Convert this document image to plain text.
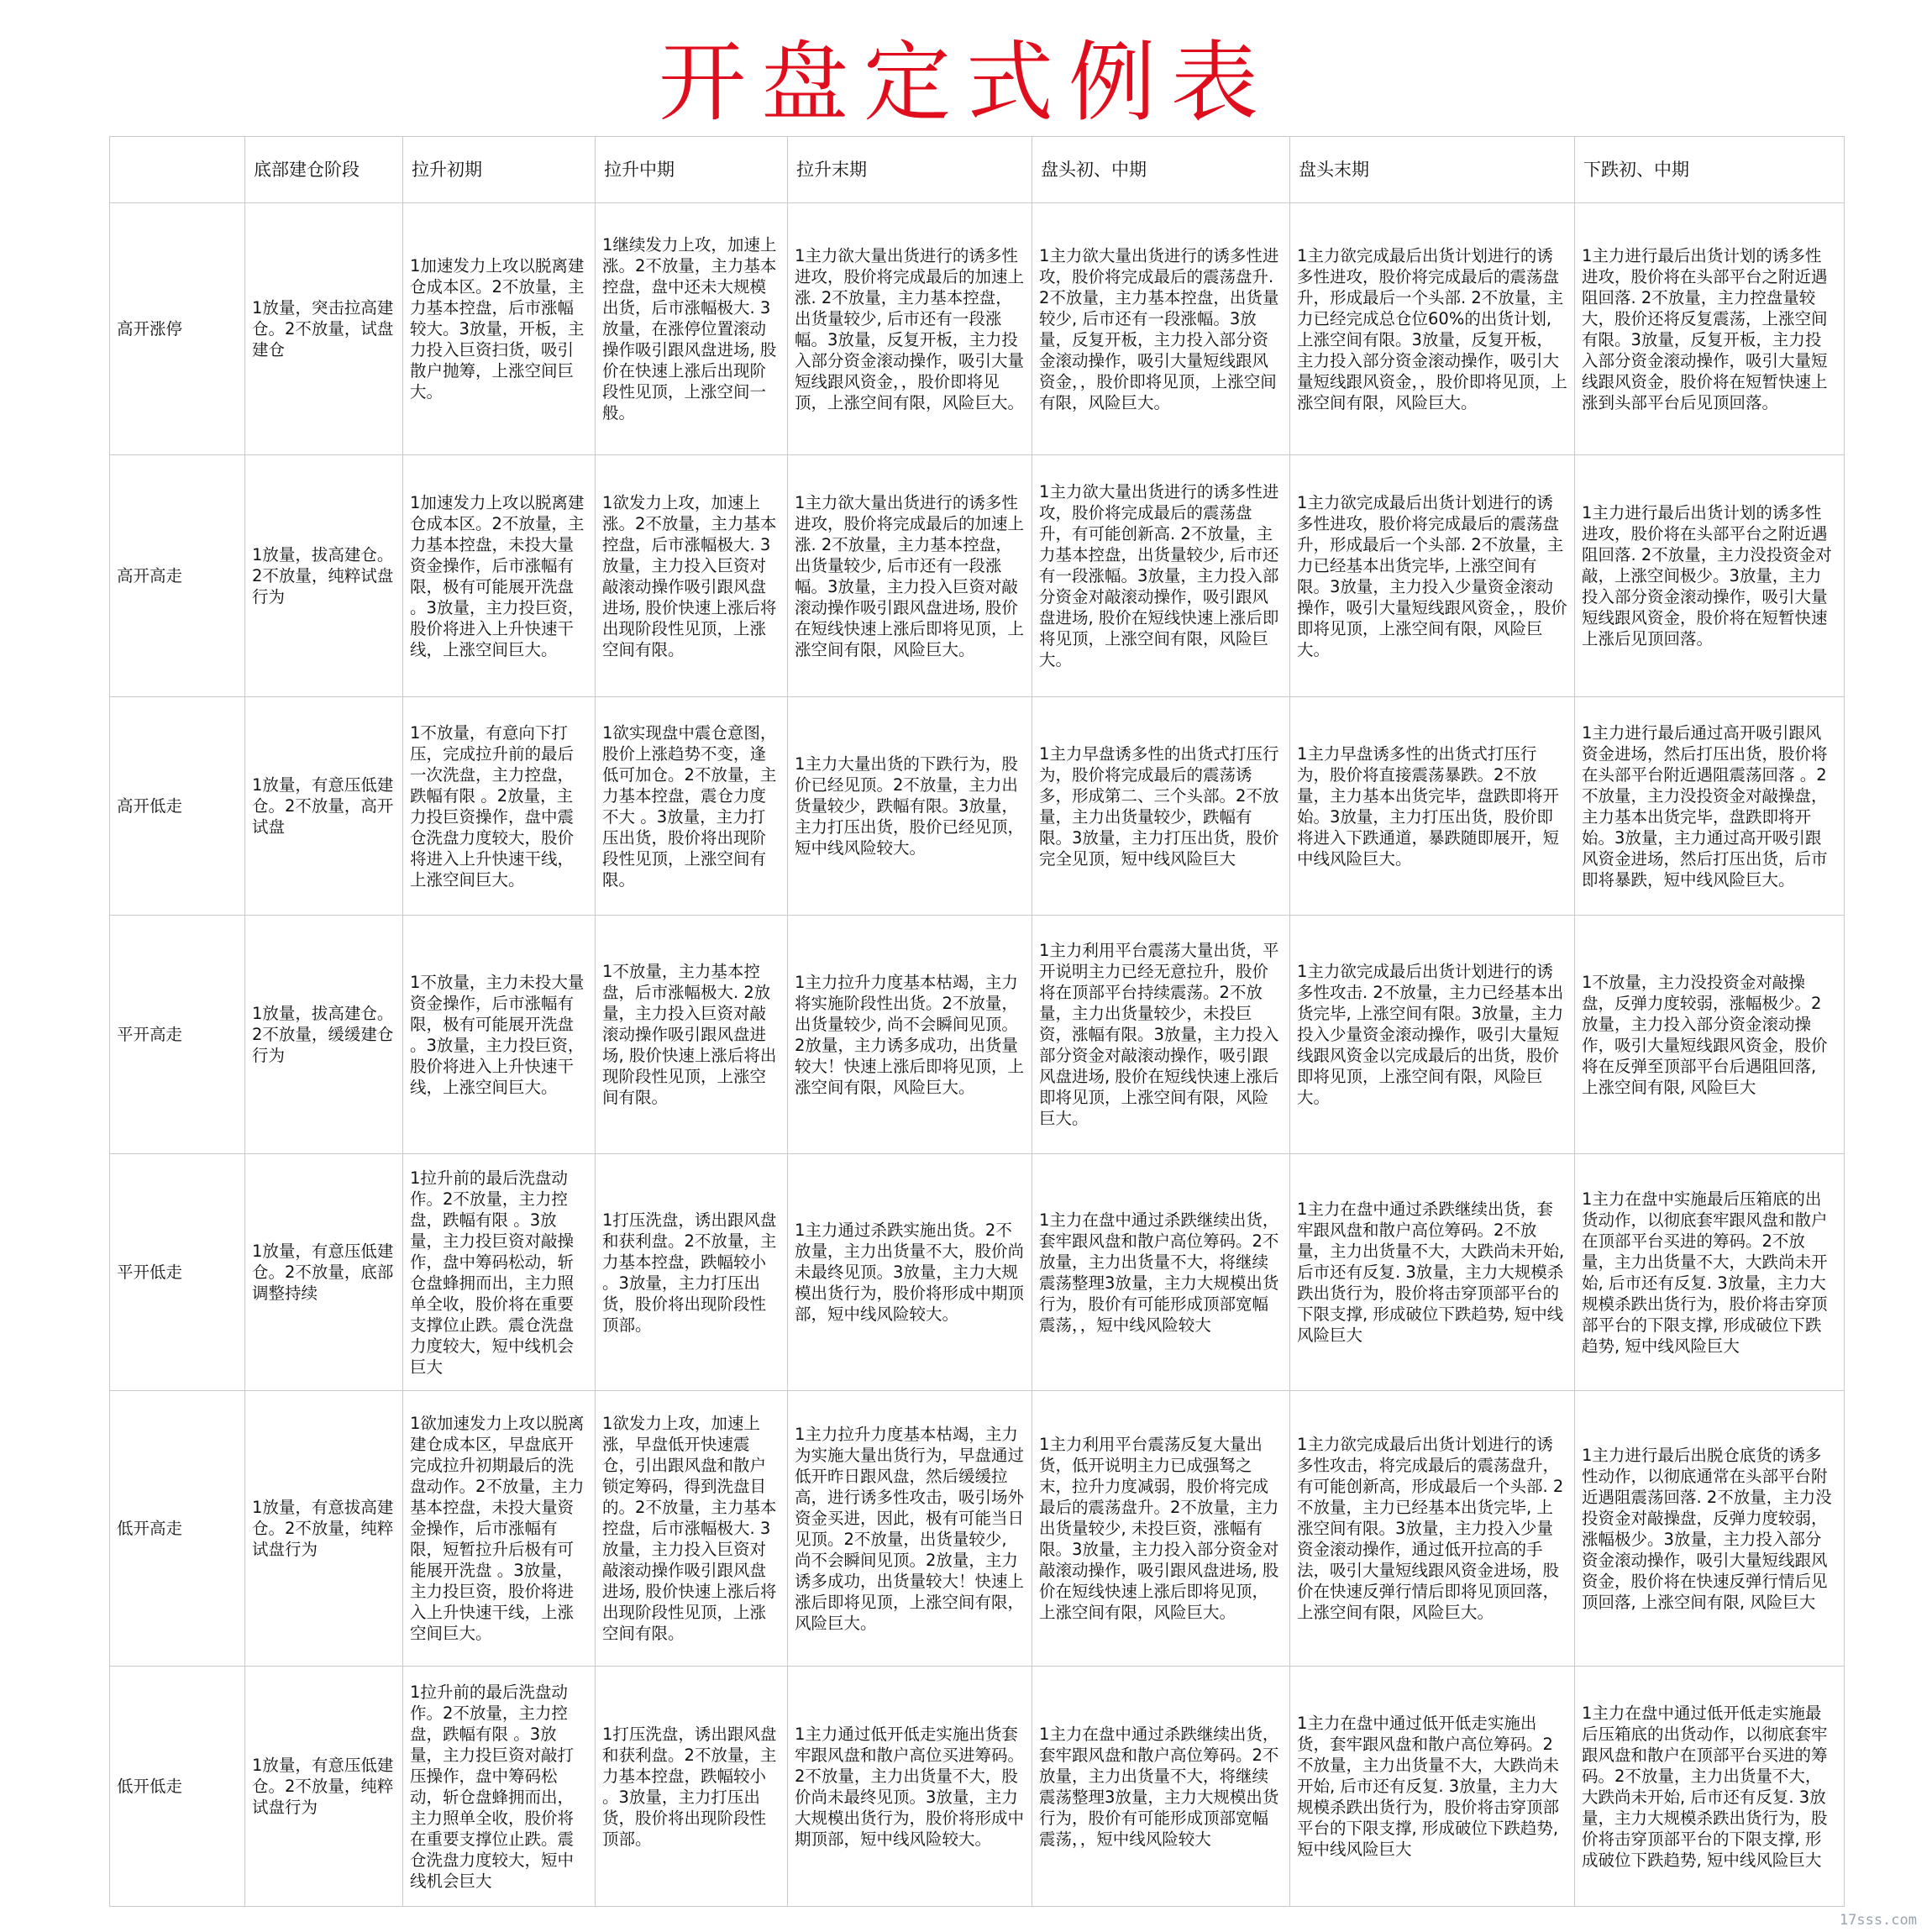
开盘定式例表
	底部建仓阶段	拉升初期	拉升中期	拉升末期	盘头初、中期	盘头末期	下跌初、中期
高开涨停	1放量，突击拉高建仓。2不放量，试盘建仓	1加速发力上攻以脱离建仓成本区。2不放量，主力基本控盘，后市涨幅较大。3放量，开板，主力投入巨资扫货，吸引散户抛筹，上涨空间巨大。	1继续发力上攻，加速上涨。2不放量，主力基本控盘，盘中还未大规模出货，后市涨幅极大. 3放量，在涨停位置滚动操作吸引跟风盘进场, 股价在快速上涨后出现阶段性见顶，上涨空间一般。	1主力欲大量出货进行的诱多性进攻，股价将完成最后的加速上涨. 2不放量，主力基本控盘，出货量较少, 后市还有一段涨幅。3放量，反复开板，主力投入部分资金滚动操作，吸引大量短线跟风资金，，股价即将见顶，上涨空间有限，风险巨大。	1主力欲大量出货进行的诱多性进攻，股价将完成最后的震荡盘升. 2不放量，主力基本控盘，出货量较少, 后市还有一段涨幅。3放量，反复开板，主力投入部分资金滚动操作，吸引大量短线跟风资金，，股价即将见顶，上涨空间有限，风险巨大。	1主力欲完成最后出货计划进行的诱多性进攻，股价将完成最后的震荡盘升，形成最后一个头部. 2不放量，主力已经完成总仓位60%的出货计划, 上涨空间有限。3放量，反复开板，主力投入部分资金滚动操作，吸引大量短线跟风资金，，股价即将见顶，上涨空间有限，风险巨大。	1主力进行最后出货计划的诱多性进攻，股价将在头部平台之附近遇阻回落. 2不放量，主力控盘量较大，股价还将反复震荡，上涨空间有限。3放量，反复开板，主力投入部分资金滚动操作，吸引大量短线跟风资金，股价将在短暂快速上涨到头部平台后见顶回落。
高开高走	1放量，拔高建仓。2不放量，纯粹试盘行为	1加速发力上攻以脱离建仓成本区。2不放量，主力基本控盘，未投大量资金操作，后市涨幅有限，极有可能展开洗盘 。3放量，主力投巨资，股价将进入上升快速干线，上涨空间巨大。	1欲发力上攻，加速上涨。2不放量，主力基本控盘，后市涨幅极大. 3放量，主力投入巨资对敲滚动操作吸引跟风盘进场, 股价快速上涨后将出现阶段性见顶，上涨空间有限。	1主力欲大量出货进行的诱多性进攻，股价将完成最后的加速上涨. 2不放量，主力基本控盘，出货量较少, 后市还有一段涨幅。3放量，主力投入巨资对敲滚动操作吸引跟风盘进场, 股价在短线快速上涨后即将见顶，上涨空间有限，风险巨大。	1主力欲大量出货进行的诱多性进攻，股价将完成最后的震荡盘升，有可能创新高. 2不放量，主力基本控盘，出货量较少, 后市还有一段涨幅。3放量，主力投入部分资金对敲滚动操作，吸引跟风盘进场, 股价在短线快速上涨后即将见顶，上涨空间有限，风险巨大。	1主力欲完成最后出货计划进行的诱多性进攻，股价将完成最后的震荡盘升，形成最后一个头部. 2不放量，主力已经基本出货完毕, 上涨空间有限。3放量，主力投入少量资金滚动操作，吸引大量短线跟风资金，，股价即将见顶，上涨空间有限，风险巨大。	1主力进行最后出货计划的诱多性进攻，股价将在头部平台之附近遇阻回落. 2不放量，主力没投资金对敲，上涨空间极少。3放量，主力投入部分资金滚动操作，吸引大量短线跟风资金，股价将在短暂快速上涨后见顶回落。
高开低走	1放量，有意压低建仓。2不放量，高开试盘	1不放量，有意向下打压，完成拉升前的最后一次洗盘，主力控盘，跌幅有限 。2放量，主力投巨资操作，盘中震仓洗盘力度较大，股价将进入上升快速干线，上涨空间巨大。	1欲实现盘中震仓意图，股价上涨趋势不变，逢低可加仓。2不放量，主力基本控盘，震仓力度不大 。3放量，主力打压出货，股价将出现阶段性见顶，上涨空间有限。	1主力大量出货的下跌行为，股价已经见顶。2不放量，主力出货量较少，跌幅有限。3放量，主力打压出货，股价已经见顶，短中线风险较大。	1主力早盘诱多性的出货式打压行为，股价将完成最后的震荡诱多，形成第二、三个头部。2不放量，主力出货量较少，跌幅有限。3放量，主力打压出货，股价完全见顶，短中线风险巨大	1主力早盘诱多性的出货式打压行为，股价将直接震荡暴跌。2不放量，主力基本出货完毕，盘跌即将开始。3放量，主力打压出货，股价即将进入下跌通道，暴跌随即展开，短中线风险巨大。	1主力进行最后通过高开吸引跟风资金进场，然后打压出货，股价将在头部平台附近遇阻震荡回落 。2不放量，主力没投资金对敲操盘，主力基本出货完毕，盘跌即将开始。3放量，主力通过高开吸引跟风资金进场，然后打压出货，后市即将暴跌，短中线风险巨大。
平开高走	1放量，拔高建仓。2不放量，缓缓建仓行为	1不放量，主力未投大量资金操作，后市涨幅有限，极有可能展开洗盘 。3放量，主力投巨资，股价将进入上升快速干线，上涨空间巨大。	1不放量，主力基本控盘，后市涨幅极大. 2放量，主力投入巨资对敲滚动操作吸引跟风盘进场, 股价快速上涨后将出现阶段性见顶，上涨空间有限。	1主力拉升力度基本枯竭，主力将实施阶段性出货。2不放量，出货量较少, 尚不会瞬间见顶。2放量，主力诱多成功，出货量较大！快速上涨后即将见顶，上涨空间有限，风险巨大。	1主力利用平台震荡大量出货，平开说明主力已经无意拉升，股价将在顶部平台持续震荡。2不放量，主力出货量较少，未投巨资，涨幅有限。3放量，主力投入部分资金对敲滚动操作，吸引跟风盘进场, 股价在短线快速上涨后即将见顶，上涨空间有限，风险巨大。	1主力欲完成最后出货计划进行的诱多性攻击. 2不放量，主力已经基本出货完毕, 上涨空间有限。3放量，主力投入少量资金滚动操作，吸引大量短线跟风资金以完成最后的出货，股价即将见顶，上涨空间有限，风险巨大。	1不放量，主力没投资金对敲操盘，反弹力度较弱，涨幅极少。2放量，主力投入部分资金滚动操作，吸引大量短线跟风资金，股价将在反弹至顶部平台后遇阻回落, 上涨空间有限, 风险巨大
平开低走	1放量，有意压低建仓。2不放量，底部调整持续	1拉升前的最后洗盘动作。2不放量，主力控盘，跌幅有限 。3放量，主力投巨资对敲操作，盘中筹码松动，斩仓盘蜂拥而出，主力照单全收，股价将在重要支撑位止跌。震仓洗盘力度较大，短中线机会巨大	1打压洗盘，诱出跟风盘和获利盘。2不放量，主力基本控盘，跌幅较小 。3放量，主力打压出货，股价将出现阶段性顶部。	1主力通过杀跌实施出货。2不放量，主力出货量不大，股价尚未最终见顶。3放量，主力大规模出货行为，股价将形成中期顶部，短中线风险较大。	1主力在盘中通过杀跌继续出货，套牢跟风盘和散户高位筹码。2不放量，主力出货量不大，将继续震荡整理3放量，主力大规模出货行为，股价有可能形成顶部宽幅震荡，，短中线风险较大	1主力在盘中通过杀跌继续出货，套牢跟风盘和散户高位筹码。2不放量，主力出货量不大，大跌尚未开始, 后市还有反复. 3放量，主力大规模杀跌出货行为，股价将击穿顶部平台的下限支撑, 形成破位下跌趋势, 短中线风险巨大	1主力在盘中实施最后压箱底的出货动作，以彻底套牢跟风盘和散户在顶部平台买进的筹码。2不放量，主力出货量不大，大跌尚未开始, 后市还有反复. 3放量，主力大规模杀跌出货行为，股价将击穿顶部平台的下限支撑, 形成破位下跌趋势, 短中线风险巨大
低开高走	1放量，有意拔高建仓。2不放量，纯粹试盘行为	1欲加速发力上攻以脱离建仓成本区，早盘底开完成拉升初期最后的洗盘动作。2不放量，主力基本控盘，未投大量资金操作，后市涨幅有限，短暂拉升后极有可能展开洗盘 。3放量，主力投巨资，股价将进入上升快速干线，上涨空间巨大。	1欲发力上攻，加速上涨，早盘低开快速震仓，引出跟风盘和散户锁定筹码，得到洗盘目的。2不放量，主力基本控盘，后市涨幅极大. 3放量，主力投入巨资对敲滚动操作吸引跟风盘进场, 股价快速上涨后将出现阶段性见顶，上涨空间有限。	1主力拉升力度基本枯竭，主力为实施大量出货行为，早盘通过低开昨日跟风盘，然后缓缓拉高，进行诱多性攻击，吸引场外资金买进，因此，极有可能当日见顶。2不放量，出货量较少, 尚不会瞬间见顶。2放量，主力诱多成功，出货量较大！快速上涨后即将见顶，上涨空间有限，风险巨大。	1主力利用平台震荡反复大量出货，低开说明主力已成强驽之末，拉升力度减弱，股价将完成最后的震荡盘升。2不放量，主力出货量较少, 未投巨资，涨幅有限。3放量，主力投入部分资金对敲滚动操作，吸引跟风盘进场, 股价在短线快速上涨后即将见顶，上涨空间有限，风险巨大。	1主力欲完成最后出货计划进行的诱多性攻击，将完成最后的震荡盘升，有可能创新高，形成最后一个头部. 2不放量，主力已经基本出货完毕, 上涨空间有限。3放量，主力投入少量资金滚动操作，通过低开拉高的手法，吸引大量短线跟风资金进场，股价在快速反弹行情后即将见顶回落，上涨空间有限，风险巨大。	1主力进行最后出脱仓底货的诱多性动作，以彻底通常在头部平台附近遇阻震荡回落. 2不放量，主力没投资金对敲操盘，反弹力度较弱，涨幅极少。3放量，主力投入部分资金滚动操作，吸引大量短线跟风资金，股价将在快速反弹行情后见顶回落, 上涨空间有限, 风险巨大
低开低走	1放量，有意压低建仓。2不放量，纯粹试盘行为	1拉升前的最后洗盘动作。2不放量，主力控盘，跌幅有限 。3放量，主力投巨资对敲打压操作，盘中筹码松动，斩仓盘蜂拥而出，主力照单全收，股价将在重要支撑位止跌。震仓洗盘力度较大，短中线机会巨大	1打压洗盘，诱出跟风盘和获利盘。2不放量，主力基本控盘，跌幅较小 。3放量，主力打压出货，股价将出现阶段性顶部。	1主力通过低开低走实施出货套牢跟风盘和散户高位买进筹码。2不放量，主力出货量不大，股价尚未最终见顶。3放量，主力大规模出货行为，股价将形成中期顶部，短中线风险较大。	1主力在盘中通过杀跌继续出货，套牢跟风盘和散户高位筹码。2不放量，主力出货量不大，将继续震荡整理3放量，主力大规模出货行为，股价有可能形成顶部宽幅震荡，，短中线风险较大	1主力在盘中通过低开低走实施出货，套牢跟风盘和散户高位筹码。2不放量，主力出货量不大，大跌尚未开始, 后市还有反复. 3放量，主力大规模杀跌出货行为，股价将击穿顶部平台的下限支撑, 形成破位下跌趋势, 短中线风险巨大	1主力在盘中通过低开低走实施最后压箱底的出货动作，以彻底套牢跟风盘和散户在顶部平台买进的筹码。2不放量，主力出货量不大，大跌尚未开始, 后市还有反复. 3放量，主力大规模杀跌出货行为，股价将击穿顶部平台的下限支撑, 形成破位下跌趋势, 短中线风险巨大
17sss.com
